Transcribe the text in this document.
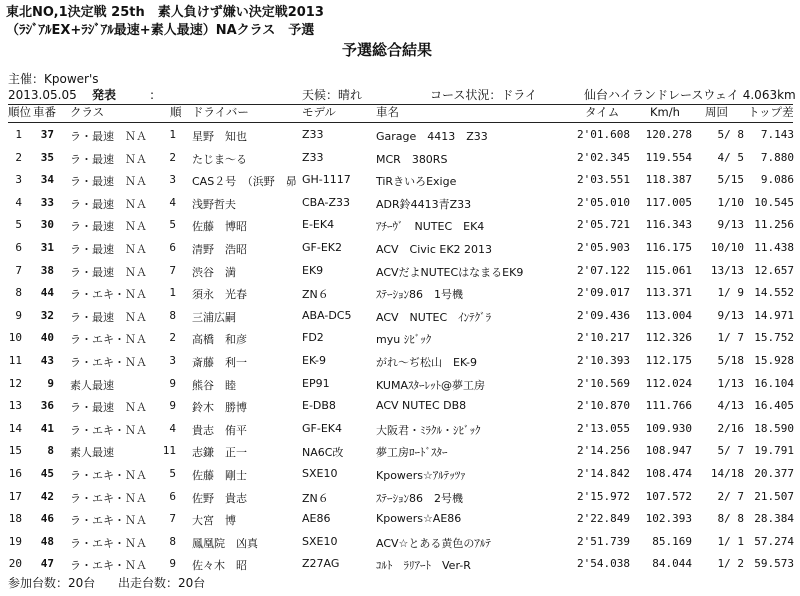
東北NO,1決定戦 25th　素人負けず嫌い決定戦2013
（ﾗｼﾞｱﾙEX+ﾗｼﾞｱﾙ最速+素人最速）NAクラス　予選
予選総合結果
主催：Kpower's
2013.05.05 発表	:	天候：晴れ	コース状況：ドライ	仙台ハイランドレースウェイ 4.063km
順位 車番 クラス	順 ドライバー	モデル	車名	タイム	Km/h 周回 トップ差
1	37 ラ・最速　ＮＡ	1 星野　知也	Z33	Garage　4413　Z33	2'01.608	120.278	5/ 8	7.143
2	35 ラ・最速　ＮＡ	2 たじま～る	Z33	MCR　380RS	2'02.345	119.554	4/ 5	7.880
3	34 ラ・最速　ＮＡ	3 CAS２号　（浜野　昴 GH-1117	TiRきいろExige	2'03.551	118.387	5/15	9.086
4	33 ラ・最速　ＮＡ	4 浅野哲夫	CBA-Z33	ADR鈴4413青Z33	2'05.010	117.005	1/10 10.545
5	30 ラ・最速　ＮＡ	5 佐藤　博昭	E-EK4	ｱﾁｰｳﾞ　NUTEC　EK4	2'05.721	116.343	9/13 11.256
6	31 ラ・最速　ＮＡ	6 清野　浩昭	GF-EK2	ACV　Civic EK2 2013	2'05.903	116.175	10/10 11.438
7	38 ラ・最速　ＮＡ	7 渋谷　満	EK9	ACVだよNUTECはなまるEK9	2'07.122	115.061	13/13 12.657
8	44 ラ・エキ・ＮＡ	1 須永　光春	ZN６	ｽﾃｰｼｮﾝ86　1号機	2'09.017	113.371	1/ 9 14.552
9	32 ラ・最速　ＮＡ	8 三浦広嗣	ABA-DC5	ACV　NUTEC　ｲﾝﾃｸﾞﾗ	2'09.436	113.004	9/13 14.971
10	40 ラ・エキ・ＮＡ	2 高橋　和彦	FD2	myu ｼﾋﾞｯｸ	2'10.217	112.326	1/ 7 15.752
11	43 ラ・エキ・ＮＡ	3 斎藤　利一	EK-9	がれ～ぢ松山　EK-9	2'10.393	112.175	5/18 15.928
12	9 素人最速	9 熊谷　睦	EP91	KUMAｽﾀｰﾚｯﾄ@夢工房	2'10.569	112.024	1/13 16.104
13	36 ラ・最速　ＮＡ	9 鈴木　勝博	E-DB8	ACV NUTEC DB8	2'10.870	111.766	4/13 16.405
14	41 ラ・エキ・ＮＡ	4 貴志　侑平	GF-EK4	大阪君・ﾐﾗｸﾙ・ｼﾋﾞｯｸ	2'13.055	109.930	2/16 18.590
15	8 素人最速	11 志鎌　正一	NA6C改	夢工房ﾛｰﾄﾞｽﾀｰ	2'14.256	108.947	5/ 7 19.791
16	45 ラ・エキ・ＮＡ	5 佐藤　剛士	SXE10	Kpowers☆ｱﾙﾃｯﾂｧ	2'14.842	108.474	14/18 20.377
17	42 ラ・エキ・ＮＡ	6 佐野　貴志	ZN６	ｽﾃｰｼｮﾝ86　2号機	2'15.972	107.572	2/ 7 21.507
18	46 ラ・エキ・ＮＡ	7 大宮　博	AE86	Kpowers☆AE86	2'22.849	102.393	8/ 8 28.384
19	48 ラ・エキ・ＮＡ	8 鳳凰院　凶真	SXE10	ACV☆とある黄色のｱﾙﾃ	2'51.739	85.169	1/ 1 57.274
20	47 ラ・エキ・ＮＡ	9 佐々木　昭	Z27AG	ｺﾙﾄ　ﾗﾘｱｰﾄ　Ver-R	2'54.038	84.044	1/ 2 59.573
参加台数：20台 出走台数：20台
